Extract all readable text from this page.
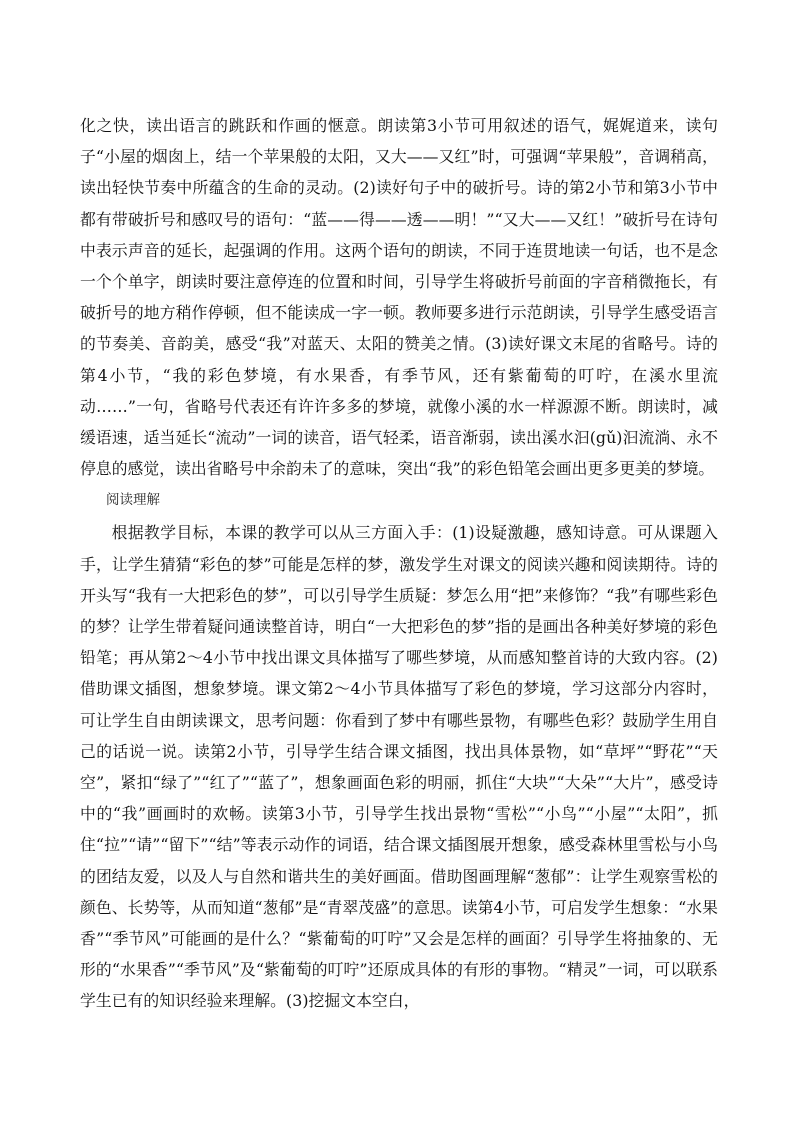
化之快，读出语言的跳跃和作画的惬意。朗读第3小节可用叙述的语气，娓娓道来，读句子“小屋的烟囱上，结一个苹果般的太阳，又大——又红”时，可强调“苹果般”，音调稍高，读出轻快节奏中所蕴含的生命的灵动。(2)读好句子中的破折号。诗的第2小节和第3小节中都有带破折号和感叹号的语句：“蓝——得——透——明！”“又大——又红！”破折号在诗句中表示声音的延长，起强调的作用。这两个语句的朗读，不同于连贯地读一句话，也不是念一个个单字，朗读时要注意停连的位置和时间，引导学生将破折号前面的字音稍微拖长，有破折号的地方稍作停顿，但不能读成一字一顿。教师要多进行示范朗读，引导学生感受语言的节奏美、音韵美，感受“我”对蓝天、太阳的赞美之情。(3)读好课文末尾的省略号。诗的第4小节，“我的彩色梦境，有水果香，有季节风，还有紫葡萄的叮咛，在溪水里流动……”一句，省略号代表还有许许多多的梦境，就像小溪的水一样源源不断。朗读时，减缓语速，适当延长“流动”一词的读音，语气轻柔，语音渐弱，读出溪水汩(gǔ)汩流淌、永不停息的感觉，读出省略号中余韵未了的意味，突出“我”的彩色铅笔会画出更多更美的梦境。

阅读理解

根据教学目标，本课的教学可以从三方面入手：(1)设疑激趣，感知诗意。可从课题入手，让学生猜猜“彩色的梦”可能是怎样的梦，激发学生对课文的阅读兴趣和阅读期待。诗的开头写“我有一大把彩色的梦”，可以引导学生质疑：梦怎么用“把”来修饰？“我”有哪些彩色的梦？让学生带着疑问通读整首诗，明白“一大把彩色的梦”指的是画出各种美好梦境的彩色铅笔；再从第2～4小节中找出课文具体描写了哪些梦境，从而感知整首诗的大致内容。(2)借助课文插图，想象梦境。课文第2～4小节具体描写了彩色的梦境，学习这部分内容时，可让学生自由朗读课文，思考问题：你看到了梦中有哪些景物，有哪些色彩？鼓励学生用自己的话说一说。读第2小节，引导学生结合课文插图，找出具体景物，如“草坪”“野花”“天空”，紧扣“绿了”“红了”“蓝了”，想象画面色彩的明丽，抓住“大块”“大朵”“大片”，感受诗中的“我”画画时的欢畅。读第3小节，引导学生找出景物“雪松”“小鸟”“小屋”“太阳”，抓住“拉”“请”“留下”“结”等表示动作的词语，结合课文插图展开想象，感受森林里雪松与小鸟的团结友爱，以及人与自然和谐共生的美好画面。借助图画理解“葱郁”：让学生观察雪松的颜色、长势等，从而知道“葱郁”是“青翠茂盛”的意思。读第4小节，可启发学生想象：“水果香”“季节风”可能画的是什么？“紫葡萄的叮咛”又会是怎样的画面？引导学生将抽象的、无形的“水果香”“季节风”及“紫葡萄的叮咛”还原成具体的有形的事物。“精灵”一词，可以联系学生已有的知识经验来理解。(3)挖掘文本空白，
